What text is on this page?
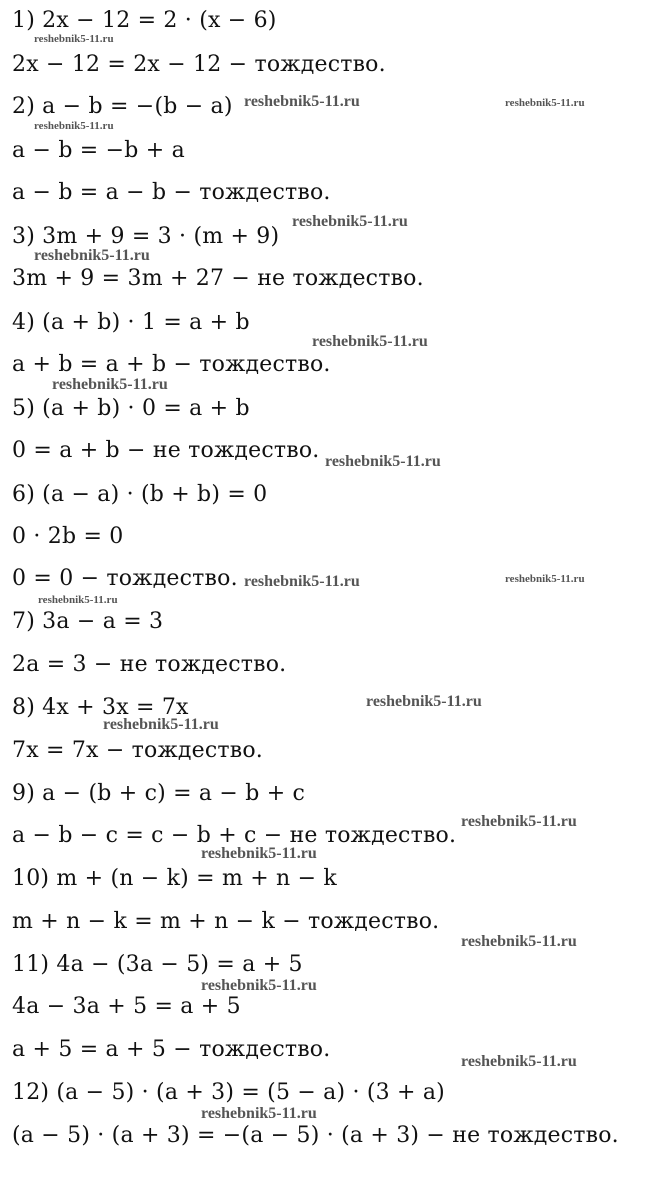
1) 2x − 12 = 2 · (x − 6)
2x − 12 = 2x − 12 − тождество.
2) a − b = −(b − a)
a − b = −b + a
a − b = a − b − тождество.
3) 3m + 9 = 3 · (m + 9)
3m + 9 = 3m + 27 − не тождество.
4) (a + b) · 1 = a + b
a + b = a + b − тождество.
5) (a + b) · 0 = a + b
0 = a + b − не тождество.
6) (a − a) · (b + b) = 0
0 · 2b = 0
0 = 0 − тождество.
7) 3a − a = 3
2a = 3 − не тождество.
8) 4x + 3x = 7x
7x = 7x − тождество.
9) a − (b + c) = a − b + c
a − b − c = c − b + c − не тождество.
10) m + (n − k) = m + n − k
m + n − k = m + n − k − тождество.
11) 4a − (3a − 5) = a + 5
4a − 3a + 5 = a + 5
a + 5 = a + 5 − тождество.
12) (a − 5) · (a + 3) = (5 − a) · (3 + a)
(a − 5) · (a + 3) = −(a − 5) · (a + 3) − не тождество.
reshebnik5-11.ru
reshebnik5-11.ru	reshebnik5-11.ru
reshebnik5-11.ru
reshebnik5-11.ru
reshebnik5-11.ru
reshebnik5-11.ru
reshebnik5-11.ru
reshebnik5-11.ru
reshebnik5-11.ru	reshebnik5-11.ru
reshebnik5-11.ru
reshebnik5-11.ru
reshebnik5-11.ru
reshebnik5-11.ru
reshebnik5-11.ru
reshebnik5-11.ru
reshebnik5-11.ru
reshebnik5-11.ru
reshebnik5-11.ru
